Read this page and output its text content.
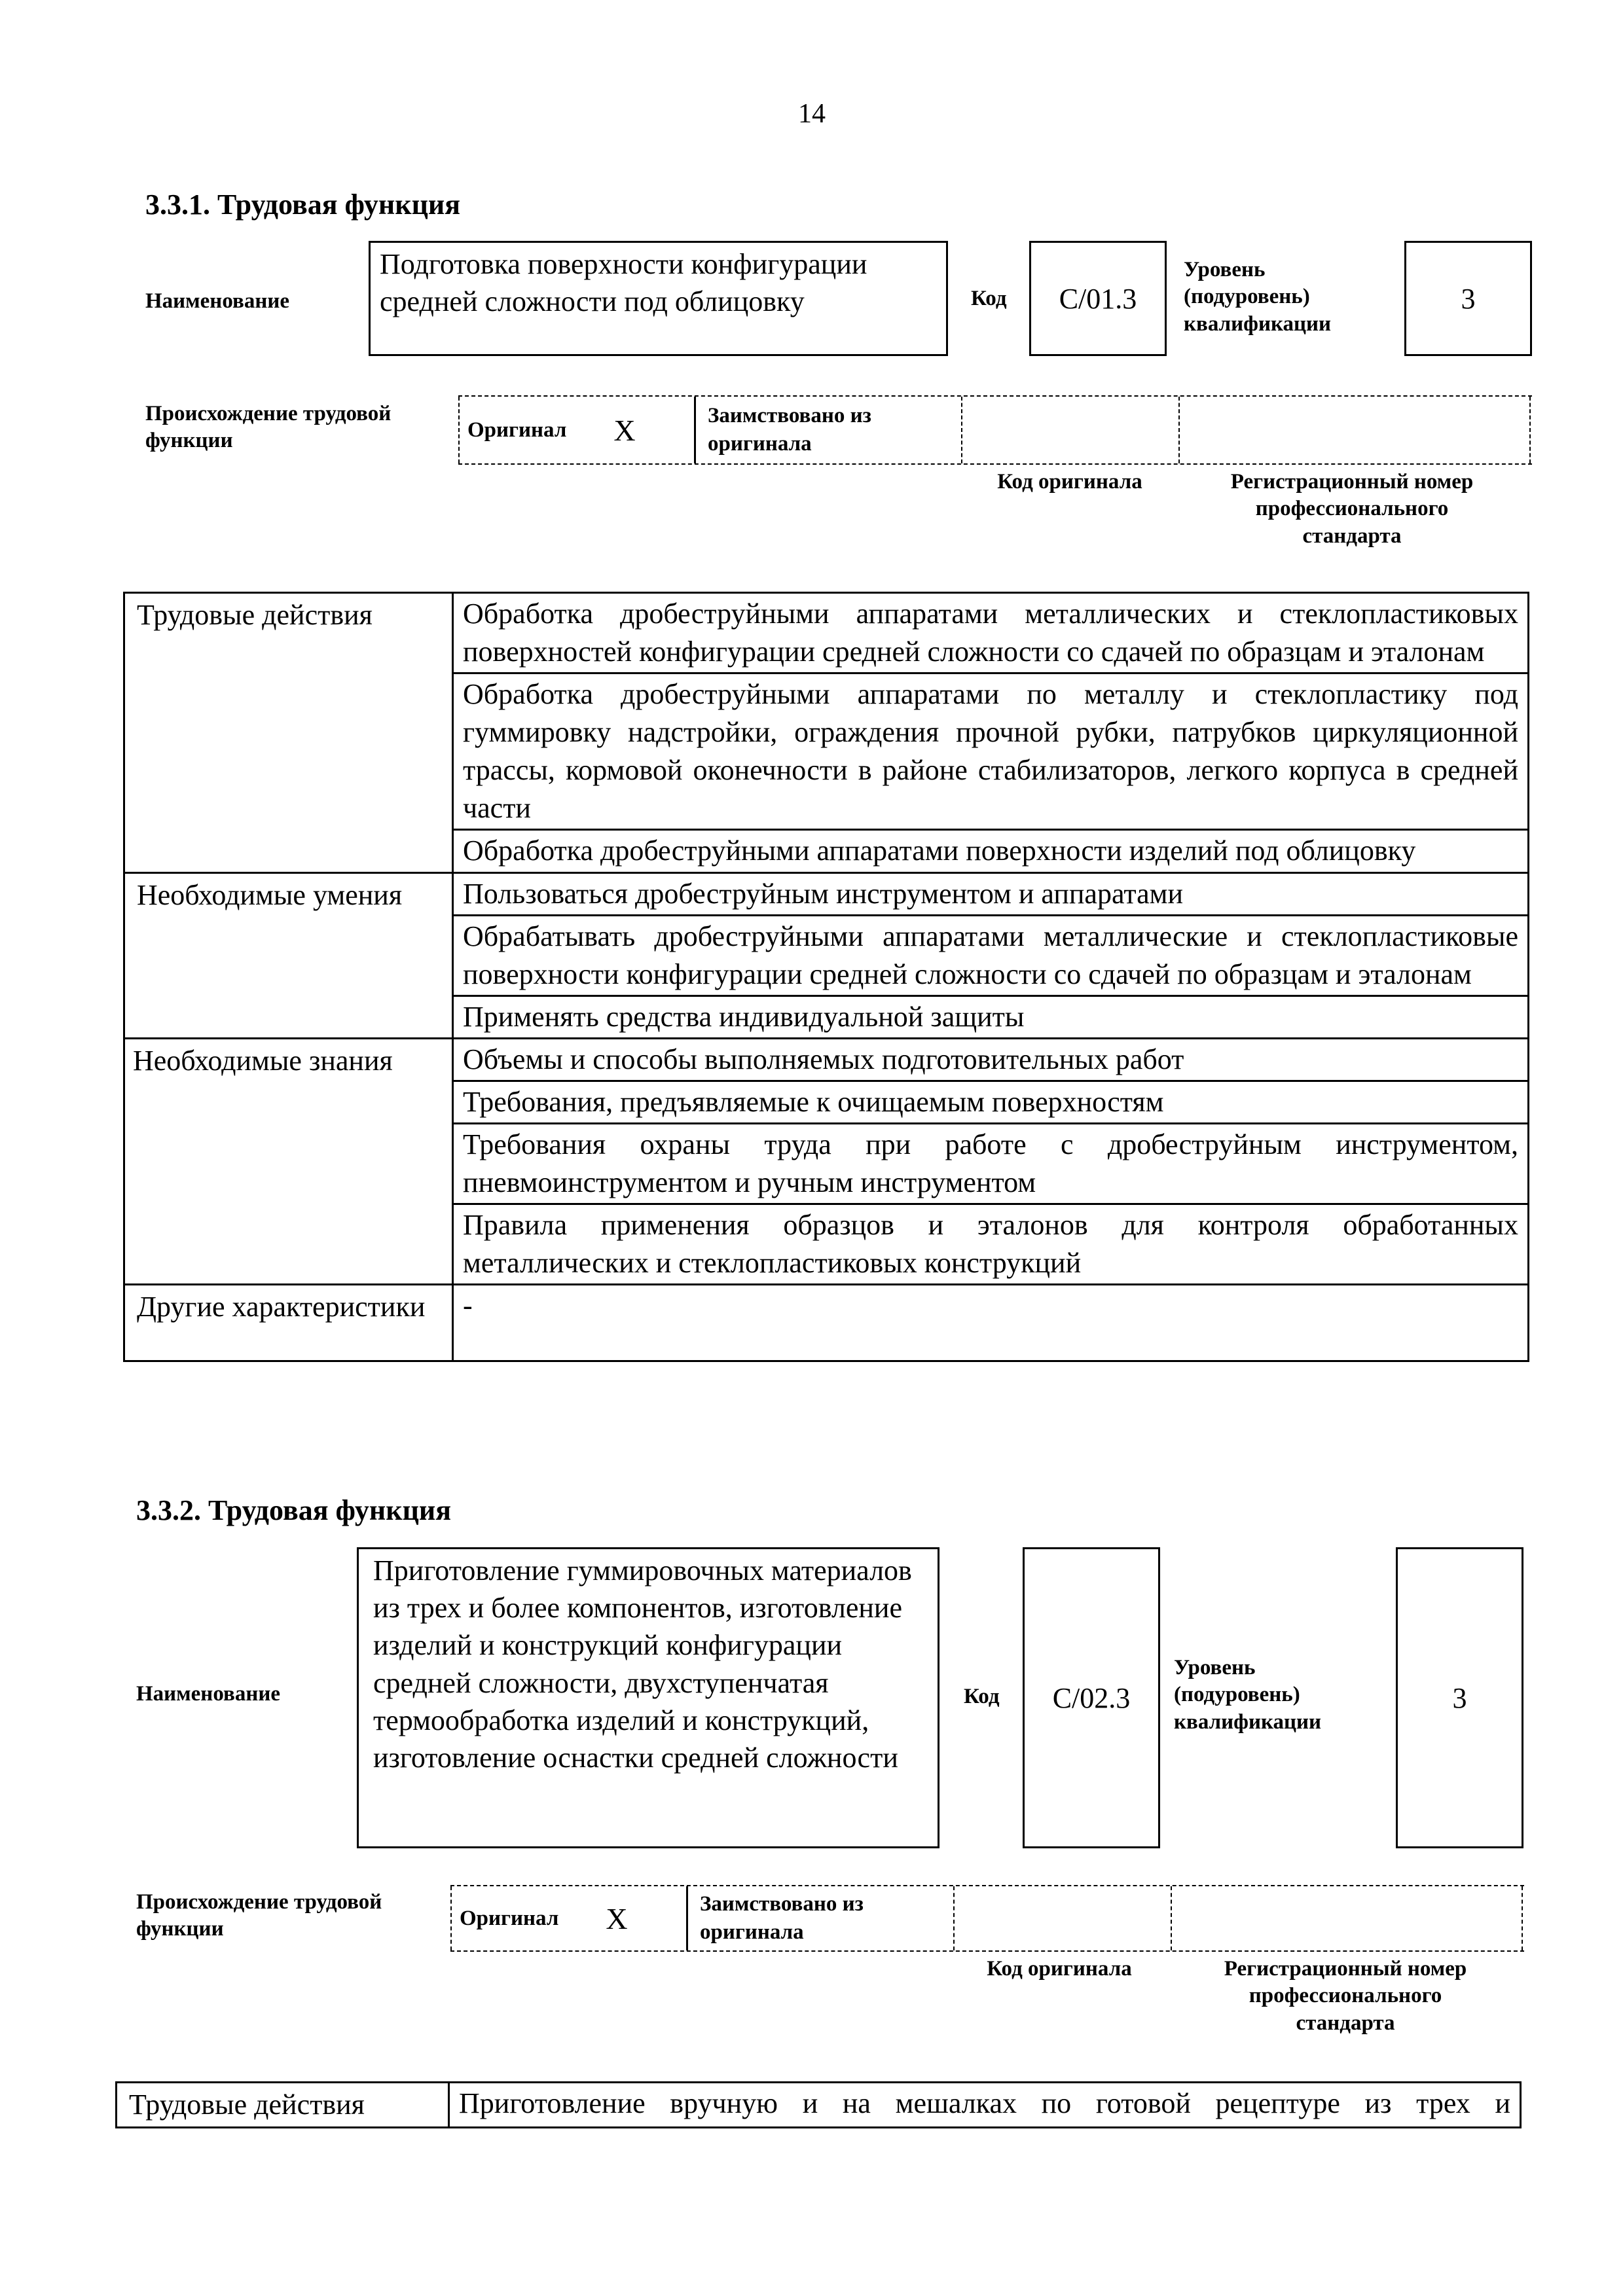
14
3.3.1. Трудовая функция
Наименование
Подготовка поверхности конфигурации средней сложности под облицовку	Код	C/01.3
Уровень (подуровень) квалификации
3
Происхождение трудовой функции	Оригинал X	Заимствовано из оригинала
Код оригинала	Регистрационный номер профессионального стандарта
Трудовые действия	Обработка дробеструйными аппаратами металлических и стеклопластиковых поверхностей конфигурации средней сложности со сдачей по образцам и эталонам
	Обработка дробеструйными аппаратами по металлу и стеклопластику под гуммировку надстройки, ограждения прочной рубки, патрубков циркуляционной трассы, кормовой оконечности в районе стабилизаторов, легкого корпуса в средней части
	Обработка дробеструйными аппаратами поверхности изделий под облицовку
Необходимые умения	Пользоваться дробеструйным инструментом и аппаратами
	Обрабатывать дробеструйными аппаратами металлические и стеклопластиковые поверхности конфигурации средней сложности со сдачей по образцам и эталонам
	Применять средства индивидуальной защиты
Необходимые знания	Объемы и способы выполняемых подготовительных работ
	Требования, предъявляемые к очищаемым поверхностям
	Требования охраны труда при работе с дробеструйным инструментом, пневмоинструментом и ручным инструментом
	Правила применения образцов и эталонов для контроля обработанных металлических и стеклопластиковых конструкций
Другие характеристики	-
3.3.2. Трудовая функция
Наименование
Приготовление гуммировочных материалов из трех и более компонентов, изготовление изделий и конструкций конфигурации средней сложности, двухступенчатая термообработка изделий и конструкций, изготовление оснастки средней сложности
Код	C/02.3
Уровень (подуровень) квалификации
3
Происхождение трудовой функции	Оригинал X	Заимствовано из оригинала
Код оригинала	Регистрационный номер профессионального стандарта
Трудовые действия	Приготовление вручную и на мешалках по готовой рецептуре из трех и
